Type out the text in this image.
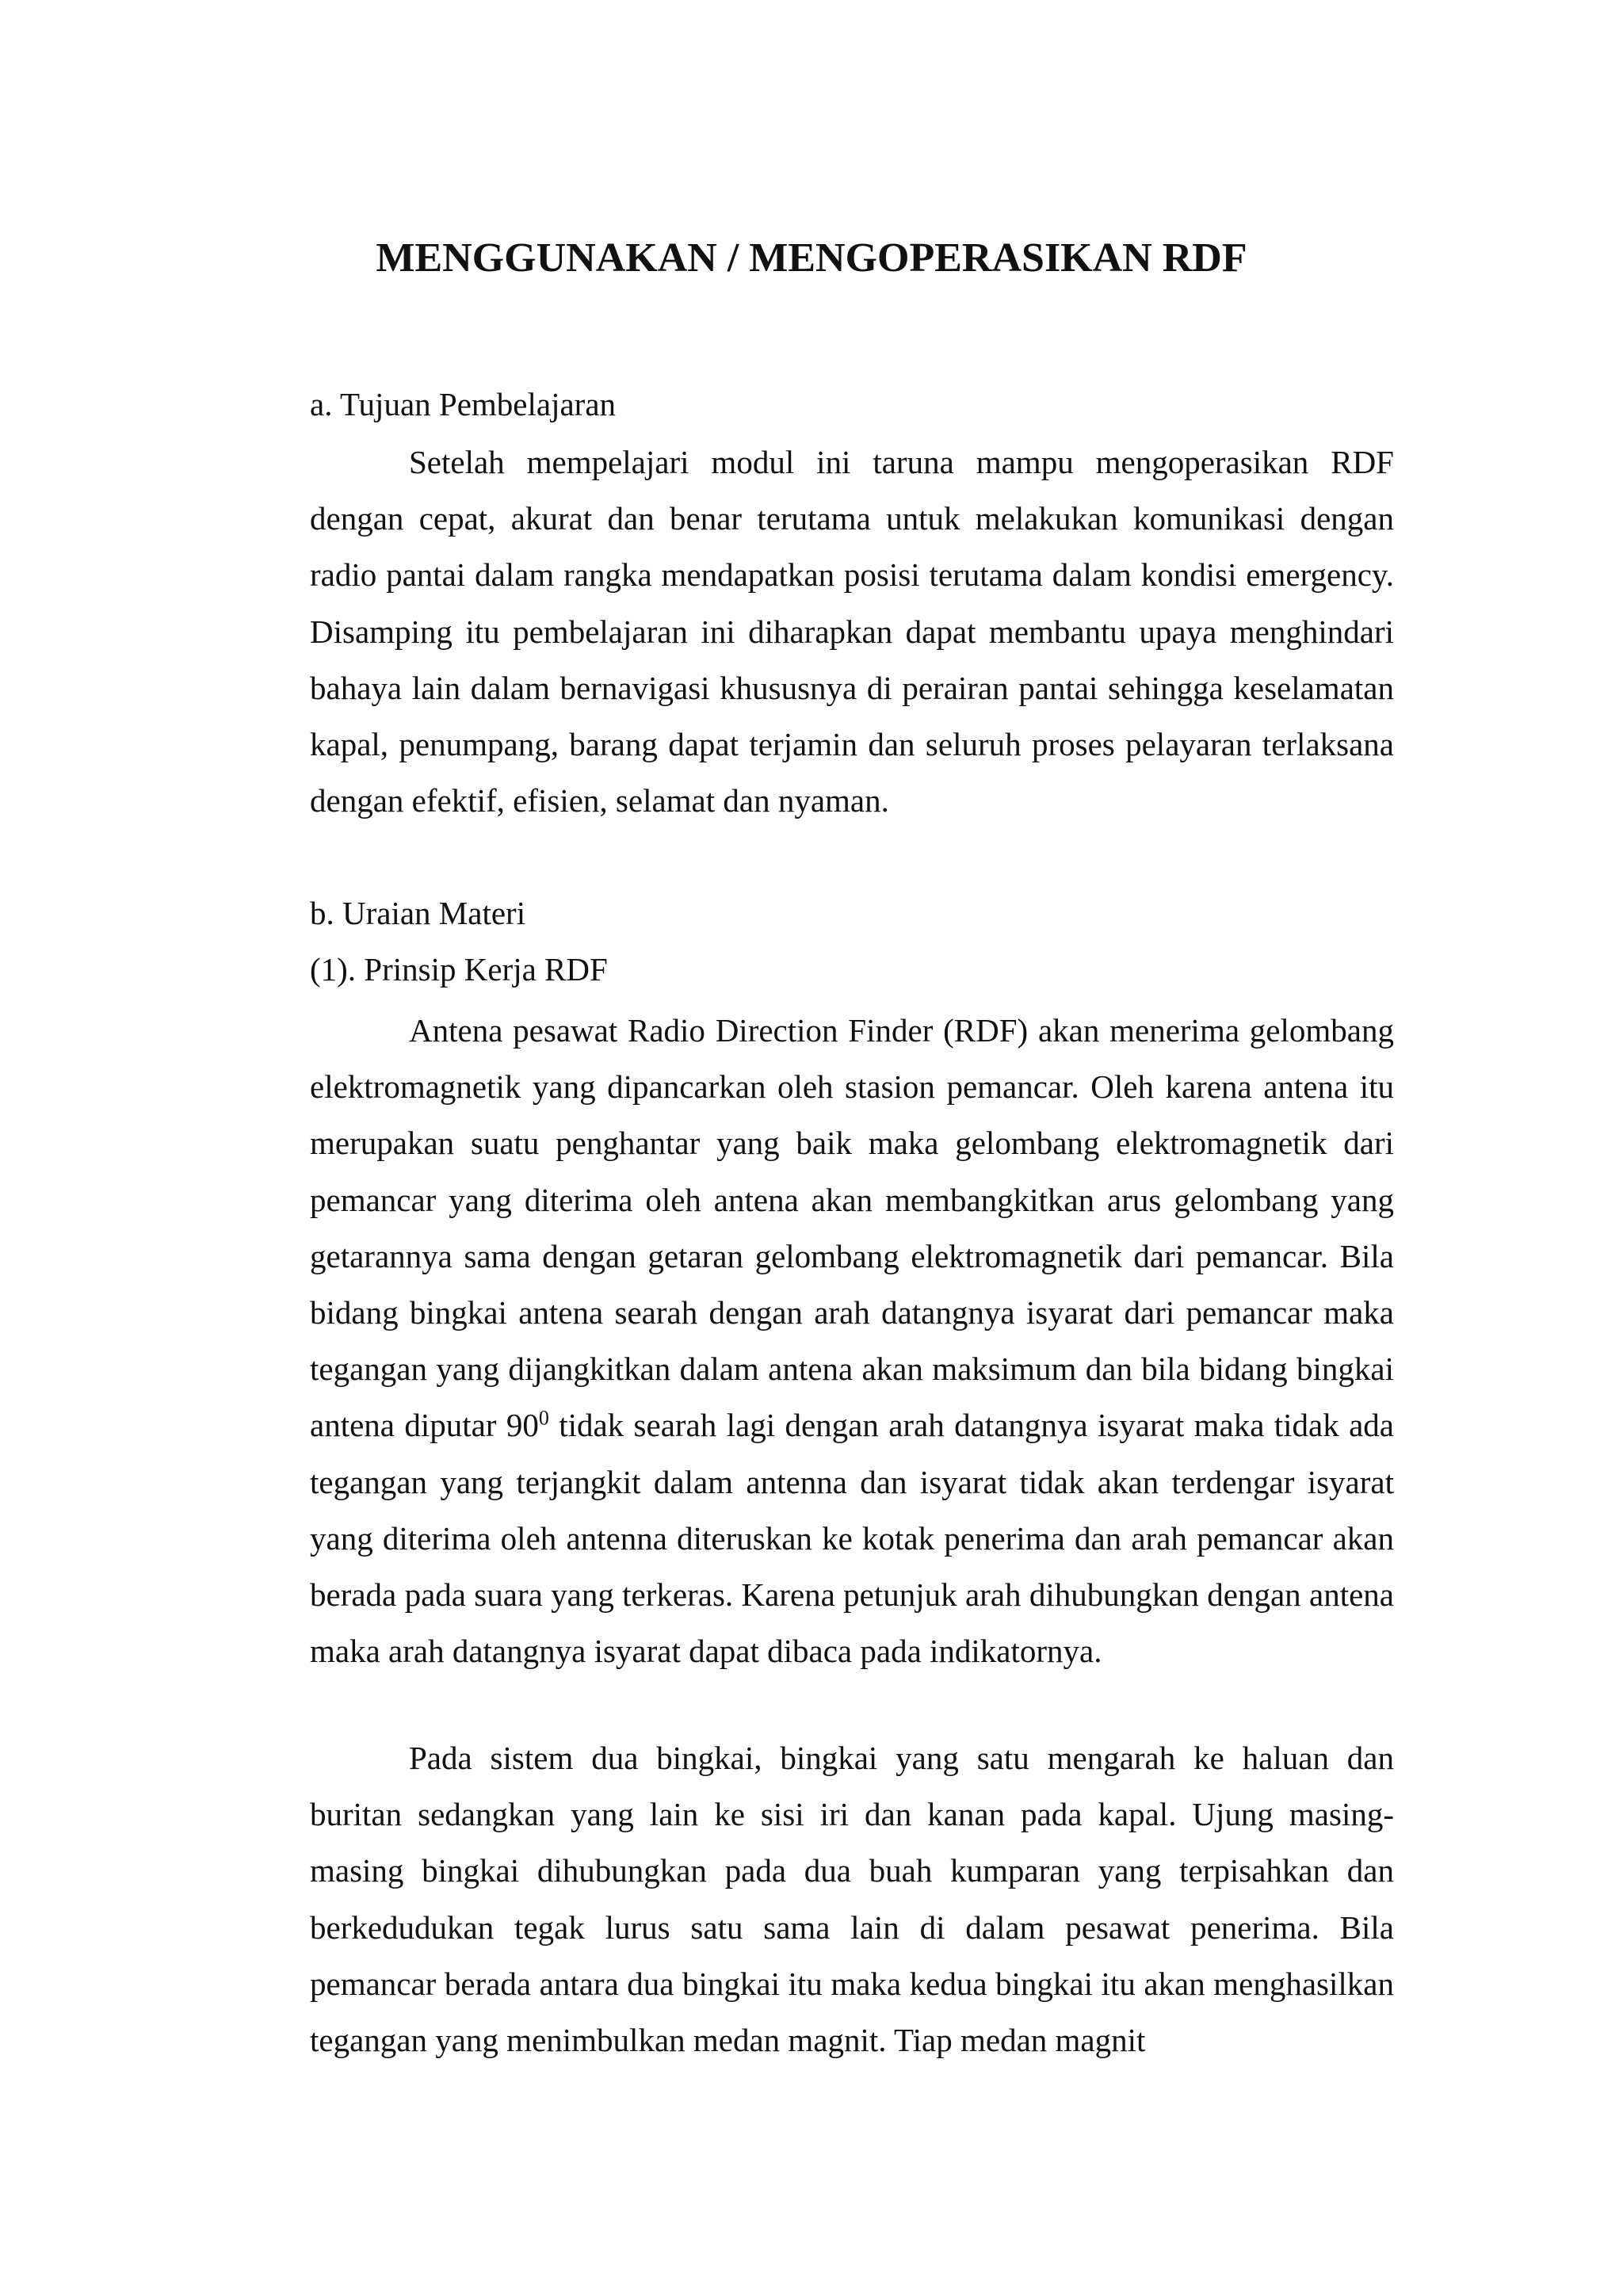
MENGGUNAKAN / MENGOPERASIKAN RDF

a. Tujuan Pembelajaran

Setelah mempelajari modul ini taruna mampu mengoperasikan RDF dengan cepat, akurat dan benar terutama untuk melakukan komunikasi dengan radio pantai dalam rangka mendapatkan posisi terutama dalam kondisi emergency. Disamping itu pembelajaran ini diharapkan dapat membantu upaya menghindari bahaya lain dalam bernavigasi khususnya di perairan pantai sehingga keselamatan kapal, penumpang, barang dapat terjamin dan seluruh proses pelayaran terlaksana dengan efektif, efisien, selamat dan nyaman.

b. Uraian Materi

(1). Prinsip Kerja RDF

Antena pesawat Radio Direction Finder (RDF) akan menerima gelombang elektromagnetik yang dipancarkan oleh stasion pemancar. Oleh karena antena itu merupakan suatu penghantar yang baik maka gelombang elektromagnetik dari pemancar yang diterima oleh antena akan membangkitkan arus gelombang yang getarannya sama dengan getaran gelombang elektromagnetik dari pemancar. Bila bidang bingkai antena searah dengan arah datangnya isyarat dari pemancar maka tegangan yang dijangkitkan dalam antena akan maksimum dan bila bidang bingkai antena diputar $90^0$ tidak searah lagi dengan arah datangnya isyarat maka tidak ada tegangan yang terjangkit dalam antenna dan isyarat tidak akan terdengar isyarat yang diterima oleh antenna diteruskan ke kotak penerima dan arah pemancar akan berada pada suara yang terkeras. Karena petunjuk arah dihubungkan dengan antena maka arah datangnya isyarat dapat dibaca pada indikatornya.

Pada sistem dua bingkai, bingkai yang satu mengarah ke haluan dan buritan sedangkan yang lain ke sisi iri dan kanan pada kapal. Ujung masing-masing bingkai dihubungkan pada dua buah kumparan yang terpisahkan dan berkedudukan tegak lurus satu sama lain di dalam pesawat penerima. Bila pemancar berada antara dua bingkai itu maka kedua bingkai itu akan menghasilkan tegangan yang menimbulkan medan magnit. Tiap medan magnit
